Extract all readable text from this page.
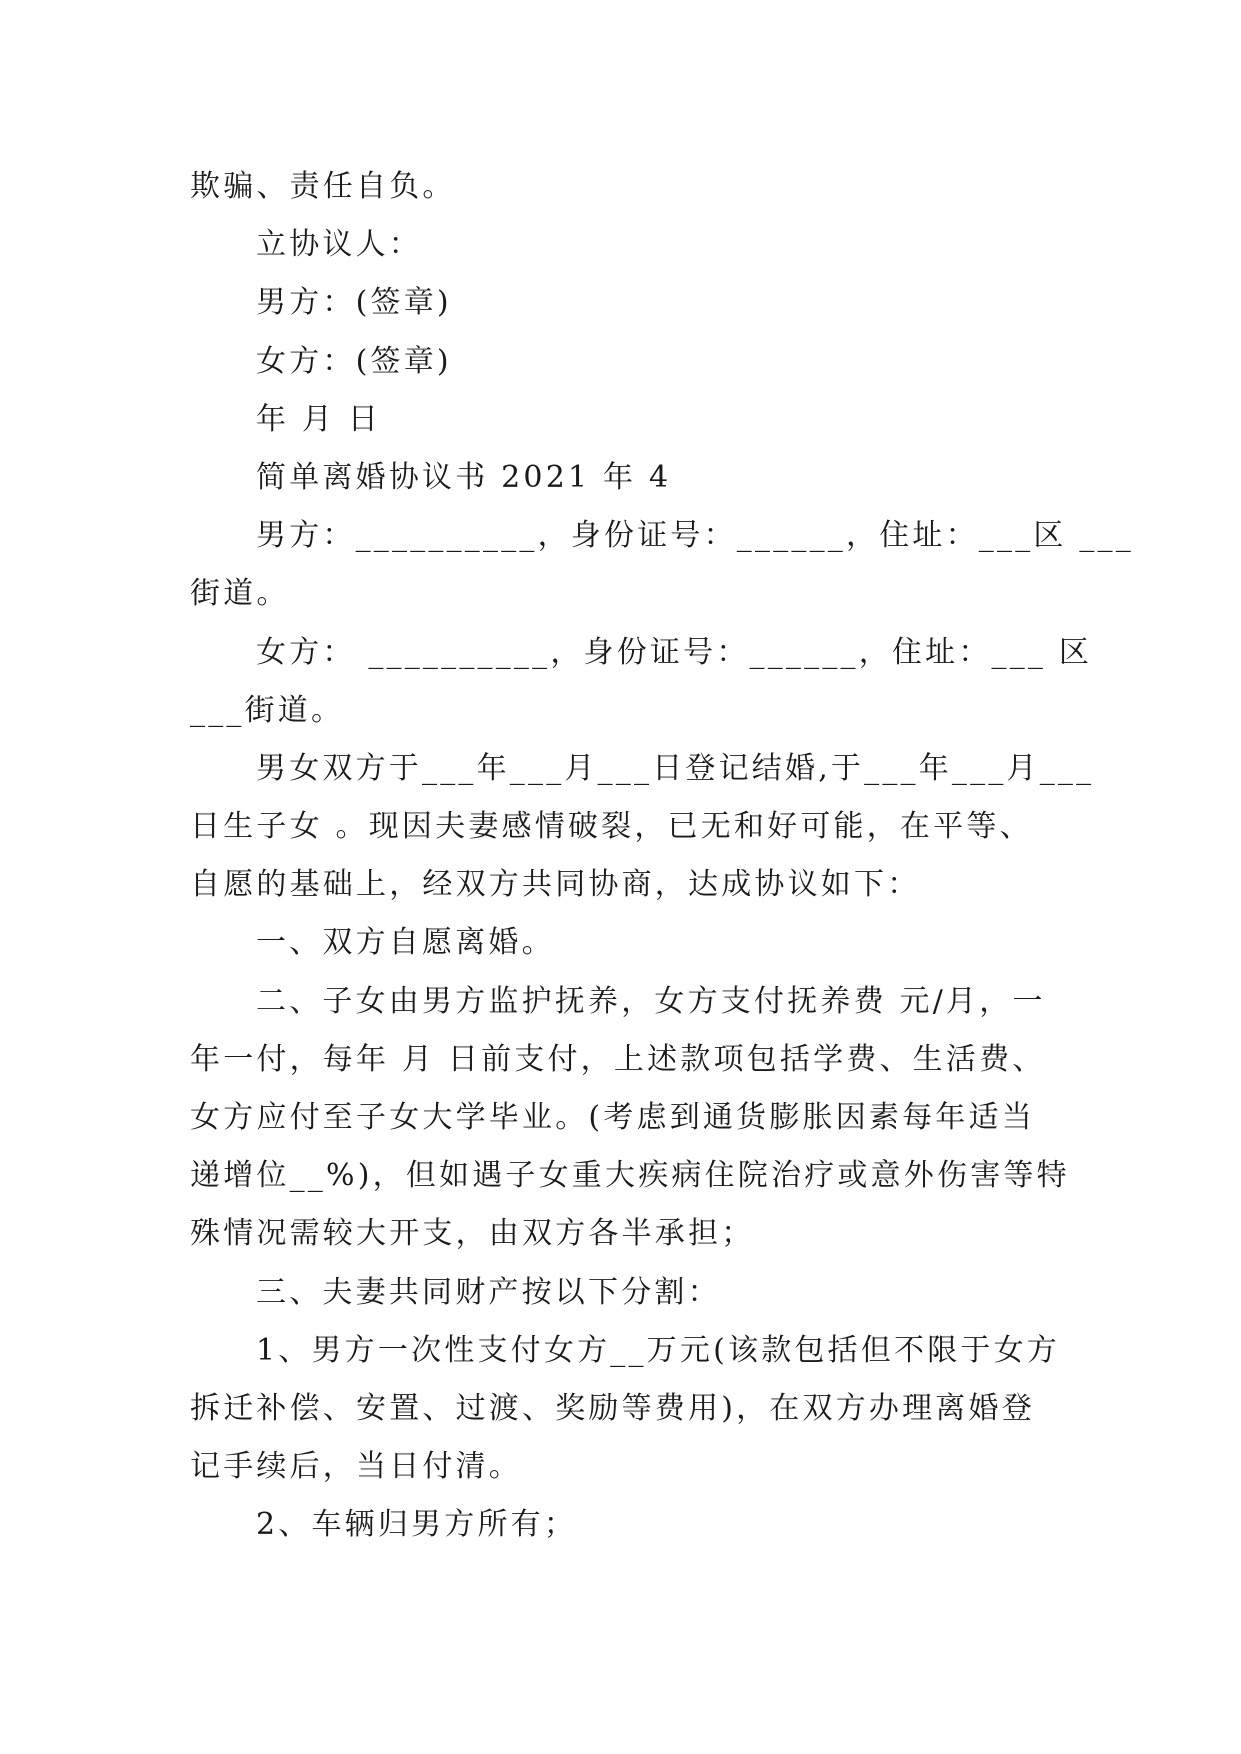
欺骗、责任自负。
立协议人：
男方：(签章)
女方：(签章)
年 月 日
简单离婚协议书 2021 年 4
男方：__________，身份证号：______，住址：___区 ___
街道。
女方： __________，身份证号：______，住址：___ 区
___街道。
男女双方于___年___月___日登记结婚,于___年___月___
日生子女 。现因夫妻感情破裂，已无和好可能，在平等、
自愿的基础上，经双方共同协商，达成协议如下：
一、双方自愿离婚。
二、子女由男方监护抚养，女方支付抚养费 元/月，一
年一付，每年 月 日前支付，上述款项包括学费、生活费、
女方应付至子女大学毕业。(考虑到通货膨胀因素每年适当
递增位__%)，但如遇子女重大疾病住院治疗或意外伤害等特
殊情况需较大开支，由双方各半承担；
三、夫妻共同财产按以下分割：
1、男方一次性支付女方__万元(该款包括但不限于女方
拆迁补偿、安置、过渡、奖励等费用)，在双方办理离婚登
记手续后，当日付清。
2、车辆归男方所有；
